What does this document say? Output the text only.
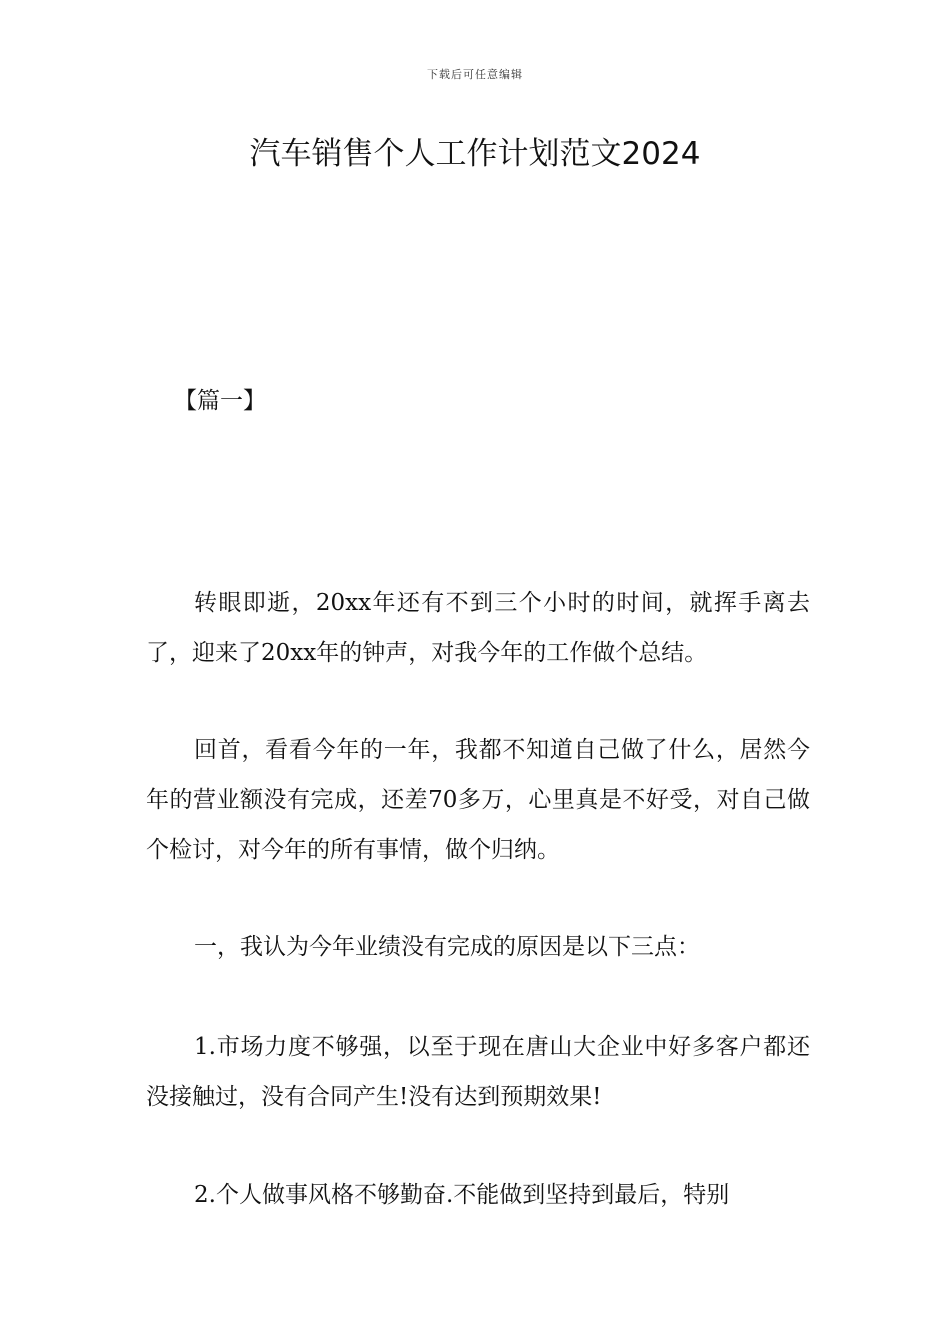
下载后可任意编辑
汽车销售个人工作计划范文2024
【篇一】

转眼即逝，20xx年还有不到三个小时的时间，就挥手离去了，迎来了20xx年的钟声，对我今年的工作做个总结。

回首，看看今年的一年，我都不知道自己做了什么，居然今年的营业额没有完成，还差70多万，心里真是不好受，对自己做个检讨，对今年的所有事情，做个归纳。

一，我认为今年业绩没有完成的原因是以下三点：

1.市场力度不够强，以至于现在唐山大企业中好多客户都还没接触过，没有合同产生!没有达到预期效果!

2.个人做事风格不够勤奋.不能做到坚持到最后，特别
